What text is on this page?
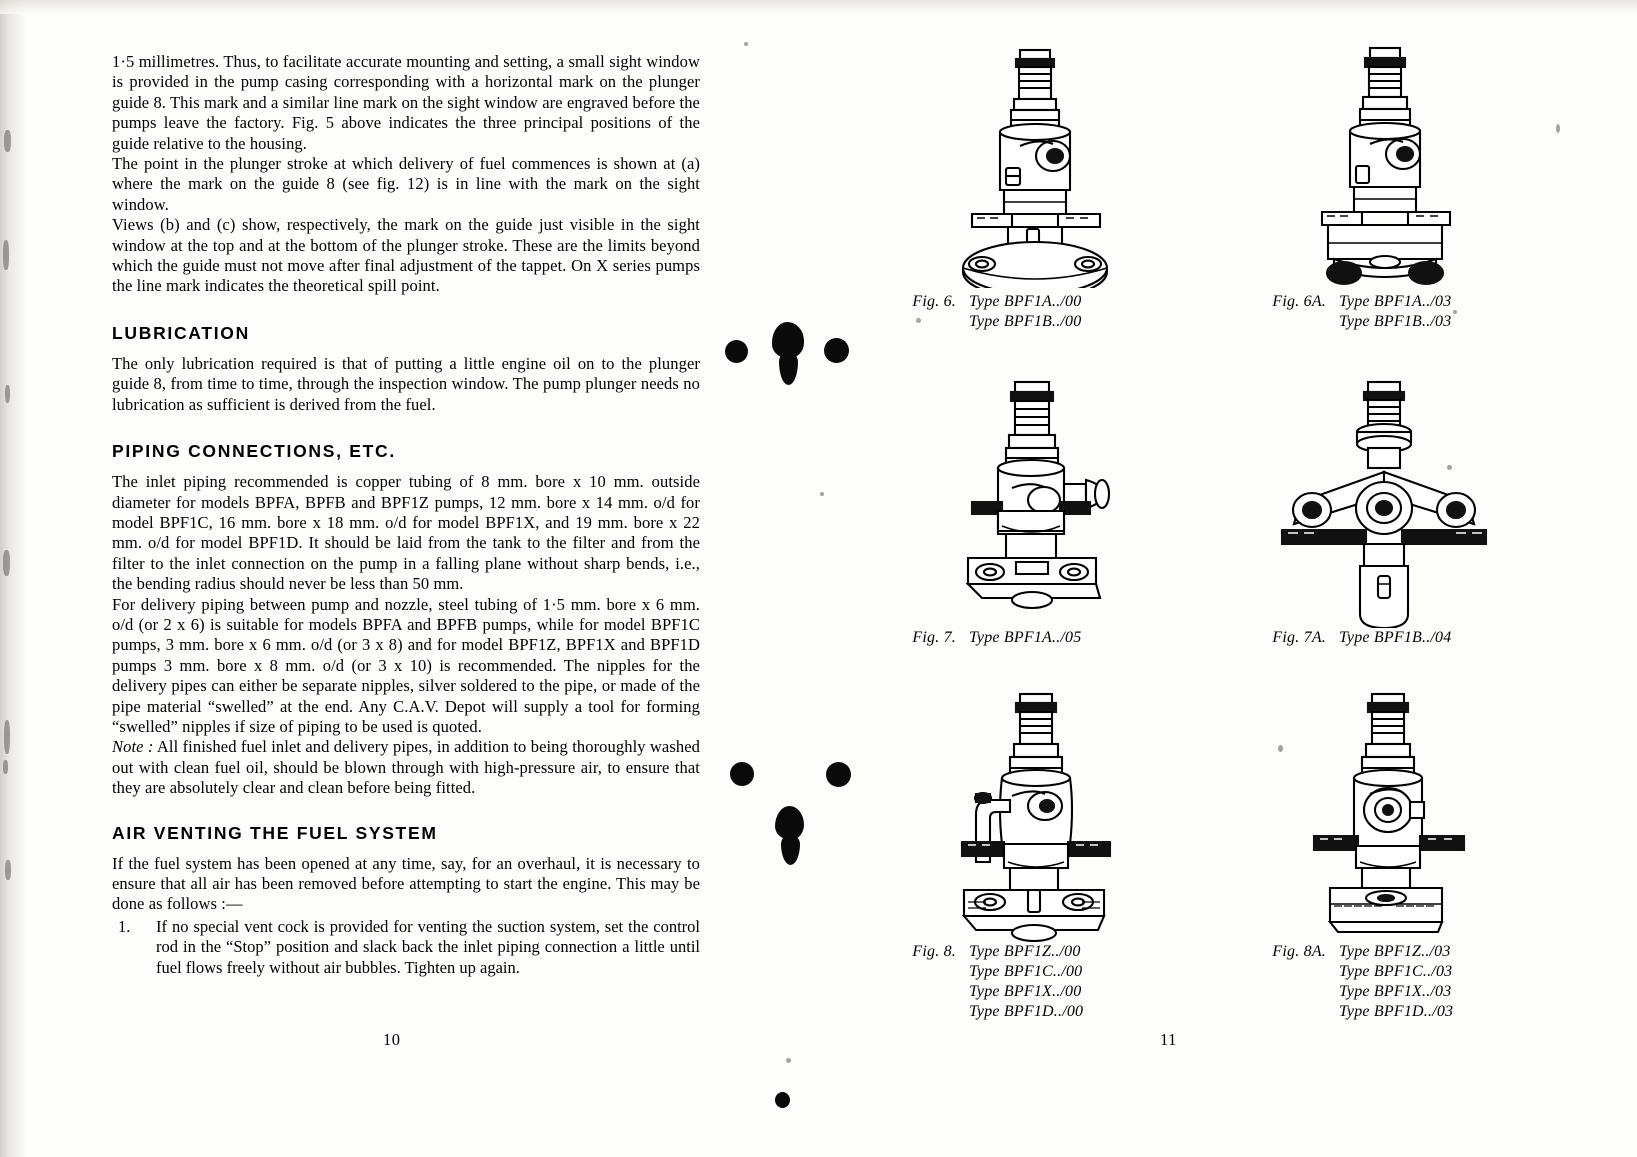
1·5 millimetres. Thus, to facilitate accurate mounting and setting, a small sight window is provided in the pump casing corresponding with a horizontal mark on the plunger guide 8. This mark and a similar line mark on the sight window are engraved before the pumps leave the factory. Fig. 5 above indicates the three principal positions of the guide relative to the housing.

The point in the plunger stroke at which delivery of fuel commences is shown at (a) where the mark on the guide 8 (see fig. 12) is in line with the mark on the sight window.

Views (b) and (c) show, respectively, the mark on the guide just visible in the sight window at the top and at the bottom of the plunger stroke. These are the limits beyond which the guide must not move after final adjustment of the tappet. On X series pumps the line mark indicates the theoretical spill point.

LUBRICATION

The only lubrication required is that of putting a little engine oil on to the plunger guide 8, from time to time, through the inspection window. The pump plunger needs no lubrication as sufficient is derived from the fuel.

PIPING CONNECTIONS, ETC.

The inlet piping recommended is copper tubing of 8 mm. bore x 10 mm. outside diameter for models BPFA, BPFB and BPF1Z pumps, 12 mm. bore x 14 mm. o/d for model BPF1C, 16 mm. bore x 18 mm. o/d for model BPF1X, and 19 mm. bore x 22 mm. o/d for model BPF1D. It should be laid from the tank to the filter and from the filter to the inlet connection on the pump in a falling plane without sharp bends, i.e., the bending radius should never be less than 50 mm.

For delivery piping between pump and nozzle, steel tubing of 1·5 mm. bore x 6 mm. o/d (or 2 x 6) is suitable for models BPFA and BPFB pumps, while for model BPF1C pumps, 3 mm. bore x 6 mm. o/d (or 3 x 8) and for model BPF1Z, BPF1X and BPF1D pumps 3 mm. bore x 8 mm. o/d (or 3 x 10) is recommended. The nipples for the delivery pipes can either be separate nipples, silver soldered to the pipe, or made of the pipe material “swelled” at the end. Any C.A.V. Depot will supply a tool for forming “swelled” nipples if size of piping to be used is quoted.

Note : All finished fuel inlet and delivery pipes, in addition to being thoroughly washed out with clean fuel oil, should be blown through with high-pressure air, to ensure that they are absolutely clear and clean before being fitted.

AIR VENTING THE FUEL SYSTEM

If the fuel system has been opened at any time, say, for an overhaul, it is necessary to ensure that all air has been removed before attempting to start the engine. This may be done as follows :—

1. If no special vent cock is provided for venting the suction system, set the control rod in the “Stop” position and slack back the inlet piping connection a little until fuel flows freely without air bubbles. Tighten up again.
Fig. 6. Type BPF1A../00
Type BPF1B../00
Fig. 6A. Type BPF1A../03
Type BPF1B../03
Fig. 7. Type BPF1A../05	Fig. 7A. Type BPF1B../04
Fig. 8. Type BPF1Z../00
Type BPF1C../00
Type BPF1X../00
Type BPF1D../00
Fig. 8A. Type BPF1Z../03
Type BPF1C../03
Type BPF1X../03
Type BPF1D../03
10	11
